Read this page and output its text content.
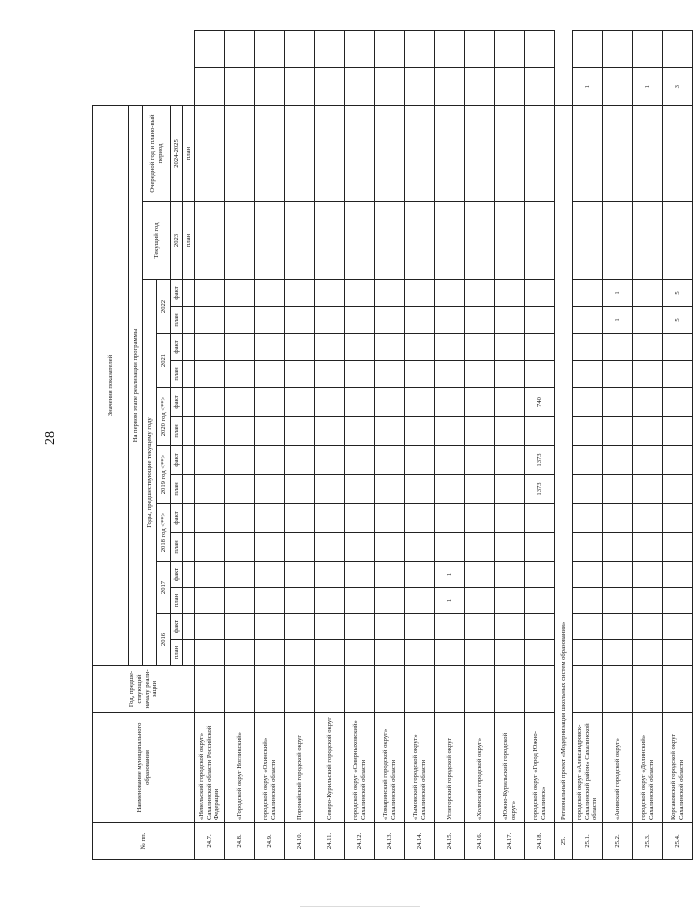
28
№ пп.	Наименование муниципального образования	Год, предше-ствующий началу реали-зации	Значения показателей																	
			На первом этапе реализации программы																	
			Годы, предшествующие текущему году														Текущий год	Очередной год и плано-вый период		
			2016		2017		2018 год <**>		2019 год <**>		2020 год <**>		2021		2022					
			план	факт	план	факт	план	факт	план	факт	план	факт	план	факт	план	факт	2023	2024-2025		
																	план	план		
24.7.	«Невельский городской округ» Сахалинской области Российской Федерации																			
24.8.	«Городской округ Ногликский»																			
24.9.	городской округ «Охинский» Сахалинской области																			
24.10.	Поронайский городской округ																			
24.11.	Северо-Курильский городской округ																			
24.12.	городской округ «Смирныховский» Сахалинской области																			
24.13.	«Томаринский городской округ» Сахалинской области																			
24.14.	«Тымовский городской округ» Сахалинской области																			
24.15.	Углегорский городской округ				1	1														
24.16.	«Холмский городской округ»																			
24.17.	«Южно-Курильский городской округ»																			
24.18.	городской округ «Город Южно-Сахалинск»								1373	1373		740								
25.	Региональный проект «Модернизация школьных систем образования»																			
25.1.	городской округ «Александровск-Сахалинский район» Сахалинской области																		1	
25.2.	«Анивский городской округ»														1	1				
25.3.	городской округ «Долинский» Сахалинской области																		1	
25.4.	Корсаковский городской округ Сахалинской области														5	5			3	
